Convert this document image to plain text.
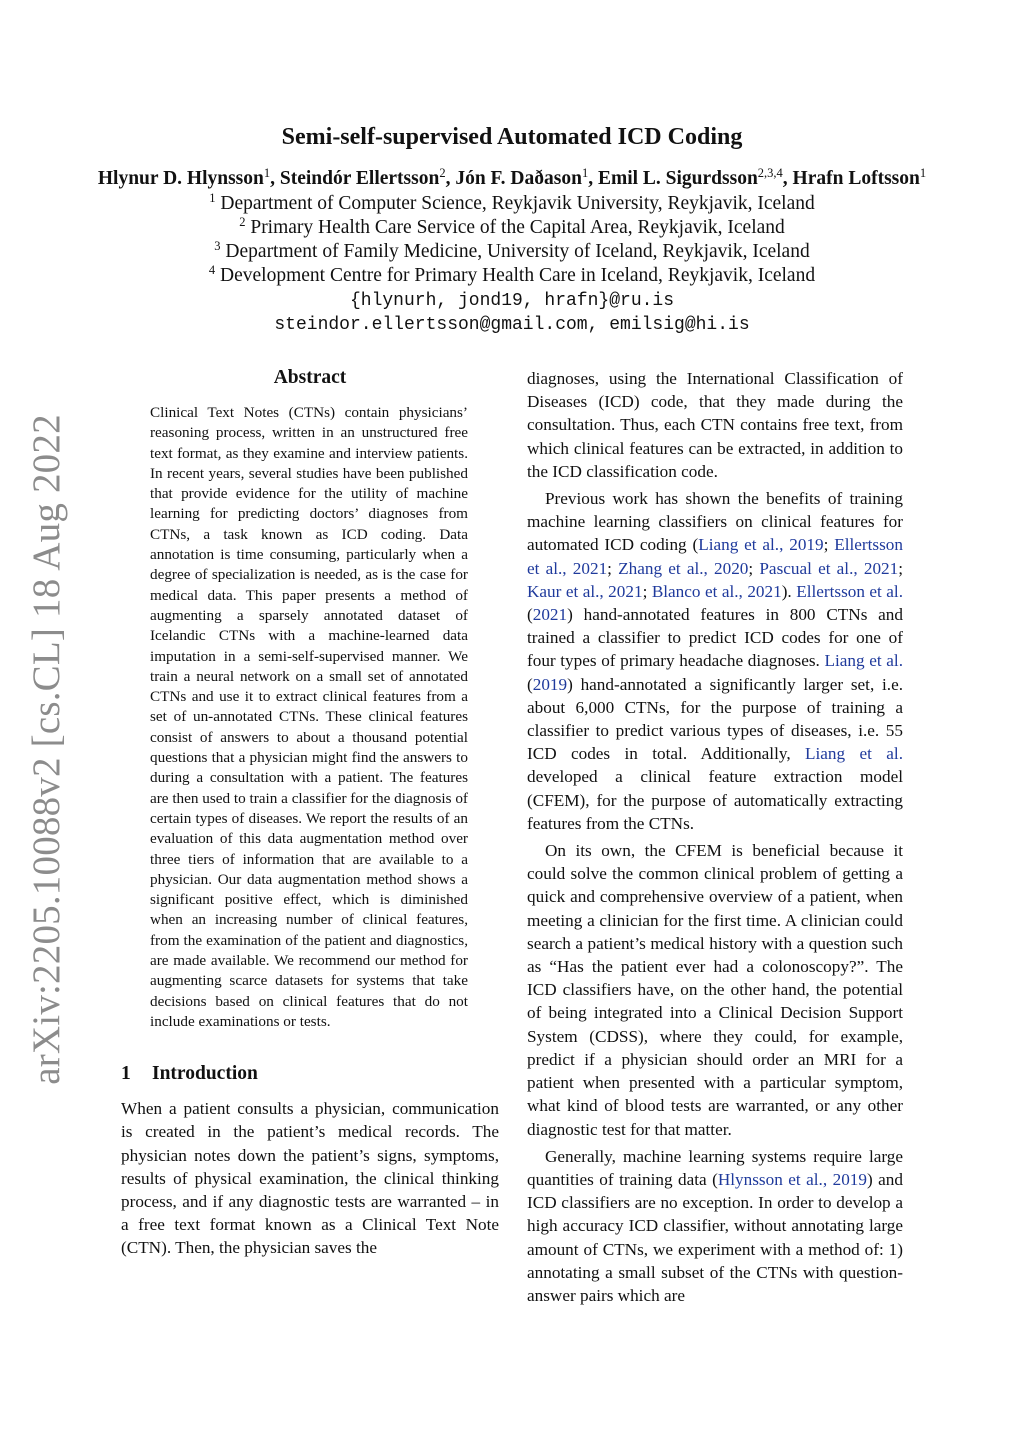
arXiv:2205.10088v2 [cs.CL] 18 Aug 2022
Semi-self-supervised Automated ICD Coding

Hlynur D. Hlynsson$^1$, Steindór Ellertsson$^2$, Jón F. Daðason$^1$, Emil L. Sigurdsson$^{2,3,4}$, Hrafn Loftsson$^1$

$^1$ Department of Computer Science, Reykjavik University, Reykjavik, Iceland

$^2$ Primary Health Care Service of the Capital Area, Reykjavik, Iceland

$^3$ Department of Family Medicine, University of Iceland, Reykjavik, Iceland

$^4$ Development Centre for Primary Health Care in Iceland, Reykjavik, Iceland

{hlynurh, jond19, hrafn}@ru.is

steindor.ellertsson@gmail.com, emilsig@hi.is

Abstract

Clinical Text Notes (CTNs) contain physicians’ reasoning process, written in an unstructured free text format, as they examine and interview patients. In recent years, several studies have been published that provide evidence for the utility of machine learning for predicting doctors’ diagnoses from CTNs, a task known as ICD coding. Data annotation is time consuming, particularly when a degree of specialization is needed, as is the case for medical data. This paper presents a method of augmenting a sparsely annotated dataset of Icelandic CTNs with a machine-learned data imputation in a semi-self-supervised manner. We train a neural network on a small set of annotated CTNs and use it to extract clinical features from a set of un-annotated CTNs. These clinical features consist of answers to about a thousand potential questions that a physician might find the answers to during a consultation with a patient. The features are then used to train a classifier for the diagnosis of certain types of diseases. We report the results of an evaluation of this data augmentation method over three tiers of information that are available to a physician. Our data augmentation method shows a significant positive effect, which is diminished when an increasing number of clinical features, from the examination of the patient and diagnostics, are made available. We recommend our method for augmenting scarce datasets for systems that take decisions based on clinical features that do not include examinations or tests.

1 Introduction

When a patient consults a physician, communication is created in the patient’s medical records. The physician notes down the patient’s signs, symptoms, results of physical examination, the clinical thinking process, and if any diagnostic tests are warranted – in a free text format known as a Clinical Text Note (CTN). Then, the physician saves the

diagnoses, using the International Classification of Diseases (ICD) code, that they made during the consultation. Thus, each CTN contains free text, from which clinical features can be extracted, in addition to the ICD classification code.

Previous work has shown the benefits of training machine learning classifiers on clinical features for automated ICD coding (Liang et al., 2019; Ellertsson et al., 2021; Zhang et al., 2020; Pascual et al., 2021; Kaur et al., 2021; Blanco et al., 2021). Ellertsson et al. (2021) hand-annotated features in 800 CTNs and trained a classifier to predict ICD codes for one of four types of primary headache diagnoses. Liang et al. (2019) hand-annotated a significantly larger set, i.e. about 6,000 CTNs, for the purpose of training a classifier to predict various types of diseases, i.e. 55 ICD codes in total. Additionally, Liang et al. developed a clinical feature extraction model (CFEM), for the purpose of automatically extracting features from the CTNs.

On its own, the CFEM is beneficial because it could solve the common clinical problem of getting a quick and comprehensive overview of a patient, when meeting a clinician for the first time. A clinician could search a patient’s medical history with a question such as “Has the patient ever had a colonoscopy?”. The ICD classifiers have, on the other hand, the potential of being integrated into a Clinical Decision Support System (CDSS), where they could, for example, predict if a physician should order an MRI for a patient when presented with a particular symptom, what kind of blood tests are warranted, or any other diagnostic test for that matter.

Generally, machine learning systems require large quantities of training data (Hlynsson et al., 2019) and ICD classifiers are no exception. In order to develop a high accuracy ICD classifier, without annotating large amount of CTNs, we experiment with a method of: 1) annotating a small subset of the CTNs with question-answer pairs which are
